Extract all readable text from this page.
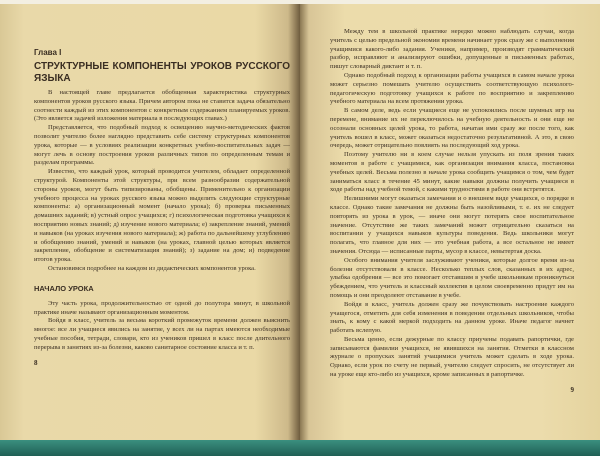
Глава I
СТРУКТУРНЫЕ КОМПОНЕНТЫ УРОКОВ РУССКОГО ЯЗЫКА

В настоящей главе предлагается обобщенная характеристика структурных компонентов уроков русского языка. Причем автором пока не ставится задача обязательно соотнести каждый из этих компонентов с конкретным содержанием планируемых уроков. (Это является задачей изложения материала в последующих главах.)

Представляется, что подобный подход к освещению научно-методических фактов позволит учителю более наглядно представить себе систему структурных компонентов урока, которые — в условиях реализации конкретных учебно-воспитательных задач — могут лечь в основу построения уроков различных типов по определенным темам и разделам программы.

Известно, что каждый урок, который проводится учителем, обладает определенной структурой. Компоненты этой структуры, при всем разнообразии содержательной стороны уроков, могут быть типизированы, обобщены. Применительно к организации учебного процесса на уроках русского языка можно выделить следующие структурные компоненты: а) организационный момент (начало урока); б) проверка письменных домашних заданий; в) устный опрос учащихся; г) психологическая подготовка учащихся к восприятию новых знаний; д) изучение нового материала; е) закрепление знаний, умений и навыков (на уроках изучения нового материала); ж) работа по дальнейшему углублению и обобщению знаний, умений и навыков (на уроках, главной целью которых является закрепление, обобщение и систематизация знаний); з) задание на дом; и) подведение итогов урока.

Остановимся подробнее на каждом из дидактических компонентов урока.

НАЧАЛО УРОКА

Эту часть урока, продолжительностью от одной до полутора минут, в школьной практике иначе называют организационным моментом.

Войдя в класс, учитель за весьма короткий промежуток времени должен выяснить многое: все ли учащиеся явились на занятие, у всех ли на партах имеются необходимые учебные пособия, тетради, словари, кто из учеников пришел в класс после длительного перерыва в занятиях из-за болезни, каково санитарное состояние класса и т. п.

8

Между тем в школьной практике нередко можно наблюдать случаи, когда учитель с целью предельной экономии времени начинает урок сразу же с выполнения учащимися какого-либо задания. Ученики, например, производят грамматический разбор, исправляют и анализируют ошибки, допущенные в письменных работах, пишут словарный диктант и т. п.

Однако подобный подход к организации работы учащихся в самом начале урока может серьезно помешать учителю осуществить соответствующую психолого-педагогическую подготовку учащихся к работе по восприятию и закреплению учебного материала на всем протяжении урока.

В самом деле, ведь если учащиеся еще не успокоились после шумных игр на перемене, внимание их не переключилось на учебную деятельность и они еще не осознали основных целей урока, то работа, начатая ими сразу же после того, как учитель вошел в класс, может оказаться недостаточно результативной. А это, в свою очередь, может отрицательно повлиять на последующий ход урока.

Поэтому учителю ни в коем случае нельзя упускать из поля зрения таких моментов в работе с учащимися, как организация внимания класса, постановка учебных целей. Весьма полезно в начале урока сообщить учащимся о том, чем будет заниматься класс в течение 45 минут, какие навыки должны получить учащиеся в ходе работы над учебной темой, с какими трудностями в работе они встретятся.

Нелишними могут оказаться замечания и о внешнем виде учащихся, о порядке в классе. Однако такие замечания не должны быть назойливыми, т. е. их не следует повторять из урока в урок, — иначе они могут потерять свое воспитательное значение. Отсутствие же таких замечаний может отрицательно сказаться на воспитании у учащихся навыков культуры поведения. Ведь школьники могут полагать, что главное для них — это учебная работа, а все остальное не имеет значения. Отсюда — исписанные парты, мусор в классе, невытертая доска.

Особого внимания учителя заслуживают ученики, которые долгое время из-за болезни отсутствовали в классе. Несколько теплых слов, сказанных в их адрес, улыбка одобрения — все это помогает отставшим в учебе школьникам проникнуться убеждением, что учитель и классный коллектив в целом своевременно придут им на помощь и они преодолеют отставание в учебе.

Войдя в класс, учитель должен сразу же почувствовать настроение каждого учащегося, отметить для себя изменения в поведении отдельных школьников, чтобы знать, к кому с какой меркой подходить на данном уроке. Иначе педагог начнет работать вслепую.

Весьма ценно, если дежурные по классу приучены подавать рапортички, где записываются фамилии учащихся, не явившихся на занятия. Отметки в классном журнале о пропусках занятий учащимися учитель может сделать в ходе урока. Однако, если урок по счету не первый, учителю следует спросить, не отсутствует ли на уроке еще кто-либо из учащихся, кроме записанных в рапортичке.

9
